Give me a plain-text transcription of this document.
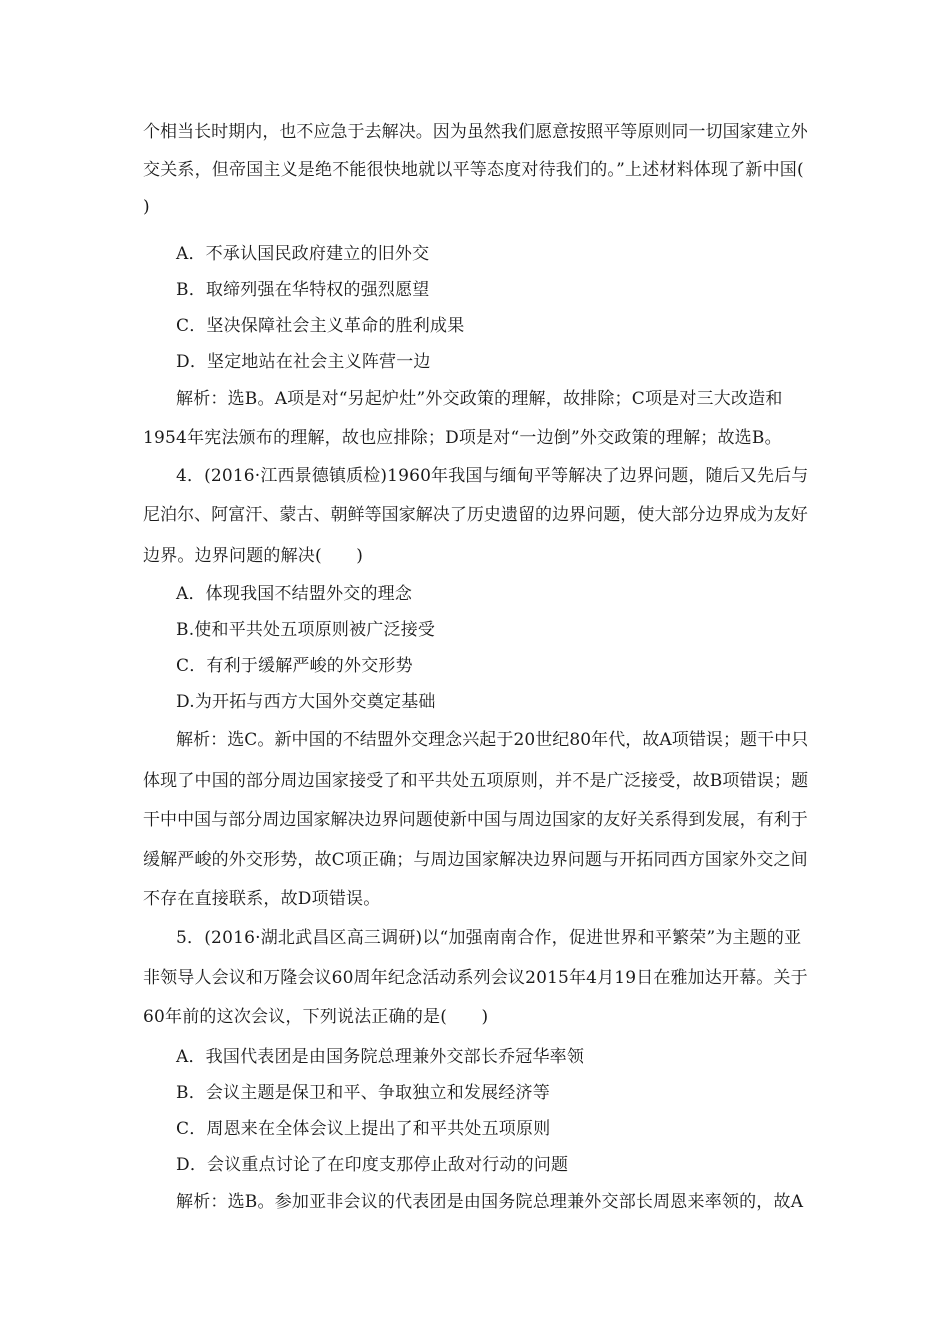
个相当长时期内，也不应急于去解决。因为虽然我们愿意按照平等原则同一切国家建立外
交关系，但帝国主义是绝不能很快地就以平等态度对待我们的。”上述材料体现了新中国(
)
A．不承认国民政府建立的旧外交
B．取缔列强在华特权的强烈愿望
C．坚决保障社会主义革命的胜利成果
D．坚定地站在社会主义阵营一边
解析：选B。A项是对“另起炉灶”外交政策的理解，故排除；C项是对三大改造和
1954年宪法颁布的理解，故也应排除；D项是对“一边倒”外交政策的理解；故选B。
4．(2016·江西景德镇质检)1960年我国与缅甸平等解决了边界问题，随后又先后与
尼泊尔、阿富汗、蒙古、朝鲜等国家解决了历史遗留的边界问题，使大部分边界成为友好
边界。边界问题的解决(　　)
A．体现我国不结盟外交的理念
B.使和平共处五项原则被广泛接受
C．有利于缓解严峻的外交形势
D.为开拓与西方大国外交奠定基础
解析：选C。新中国的不结盟外交理念兴起于20世纪80年代，故A项错误；题干中只
体现了中国的部分周边国家接受了和平共处五项原则，并不是广泛接受，故B项错误；题
干中中国与部分周边国家解决边界问题使新中国与周边国家的友好关系得到发展，有利于
缓解严峻的外交形势，故C项正确；与周边国家解决边界问题与开拓同西方国家外交之间
不存在直接联系，故D项错误。
5．(2016·湖北武昌区高三调研)以“加强南南合作，促进世界和平繁荣”为主题的亚
非领导人会议和万隆会议60周年纪念活动系列会议2015年4月19日在雅加达开幕。关于
60年前的这次会议，下列说法正确的是(　　)
A．我国代表团是由国务院总理兼外交部长乔冠华率领
B．会议主题是保卫和平、争取独立和发展经济等
C．周恩来在全体会议上提出了和平共处五项原则
D．会议重点讨论了在印度支那停止敌对行动的问题
解析：选B。参加亚非会议的代表团是由国务院总理兼外交部长周恩来率领的，故A
